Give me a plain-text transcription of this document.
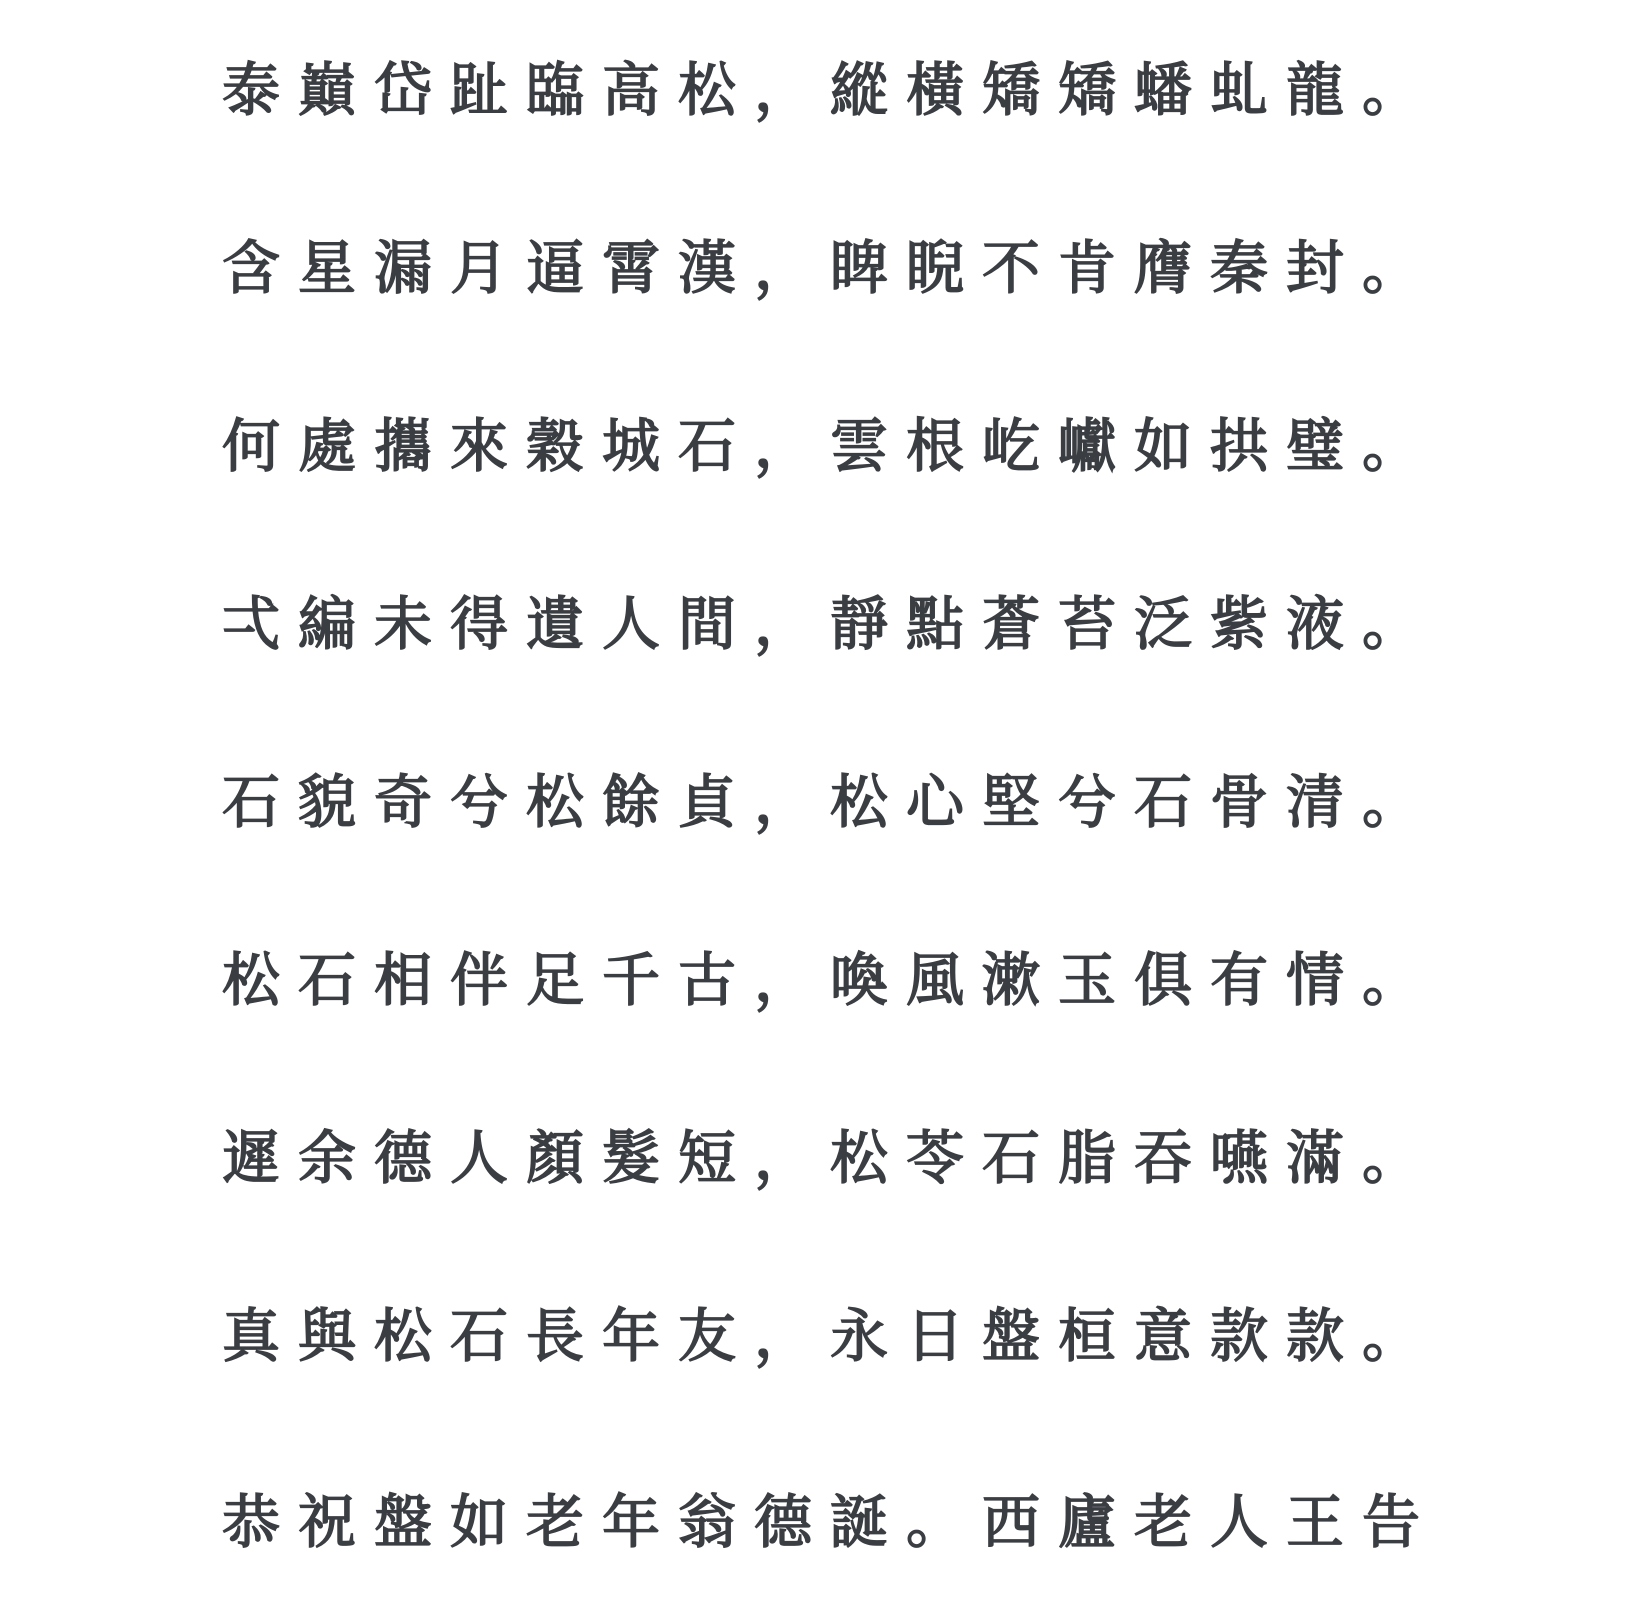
泰巔岱趾臨高松，縱橫矯矯蟠虬龍。
含星漏月逼霄漢，睥睨不肯膺秦封。
何處攜來穀城石，雲根屹巘如拱璧。
弌編未得遺人間，靜點蒼苔泛紫液。
石貌奇兮松餘貞，松心堅兮石骨清。
松石相伴足千古，喚風漱玉俱有情。
遲余德人顏髮短，松苓石脂吞嚥滿。
真與松石長年友，永日盤桓意款款。
恭祝盤如老年翁德誕。西廬老人王告
